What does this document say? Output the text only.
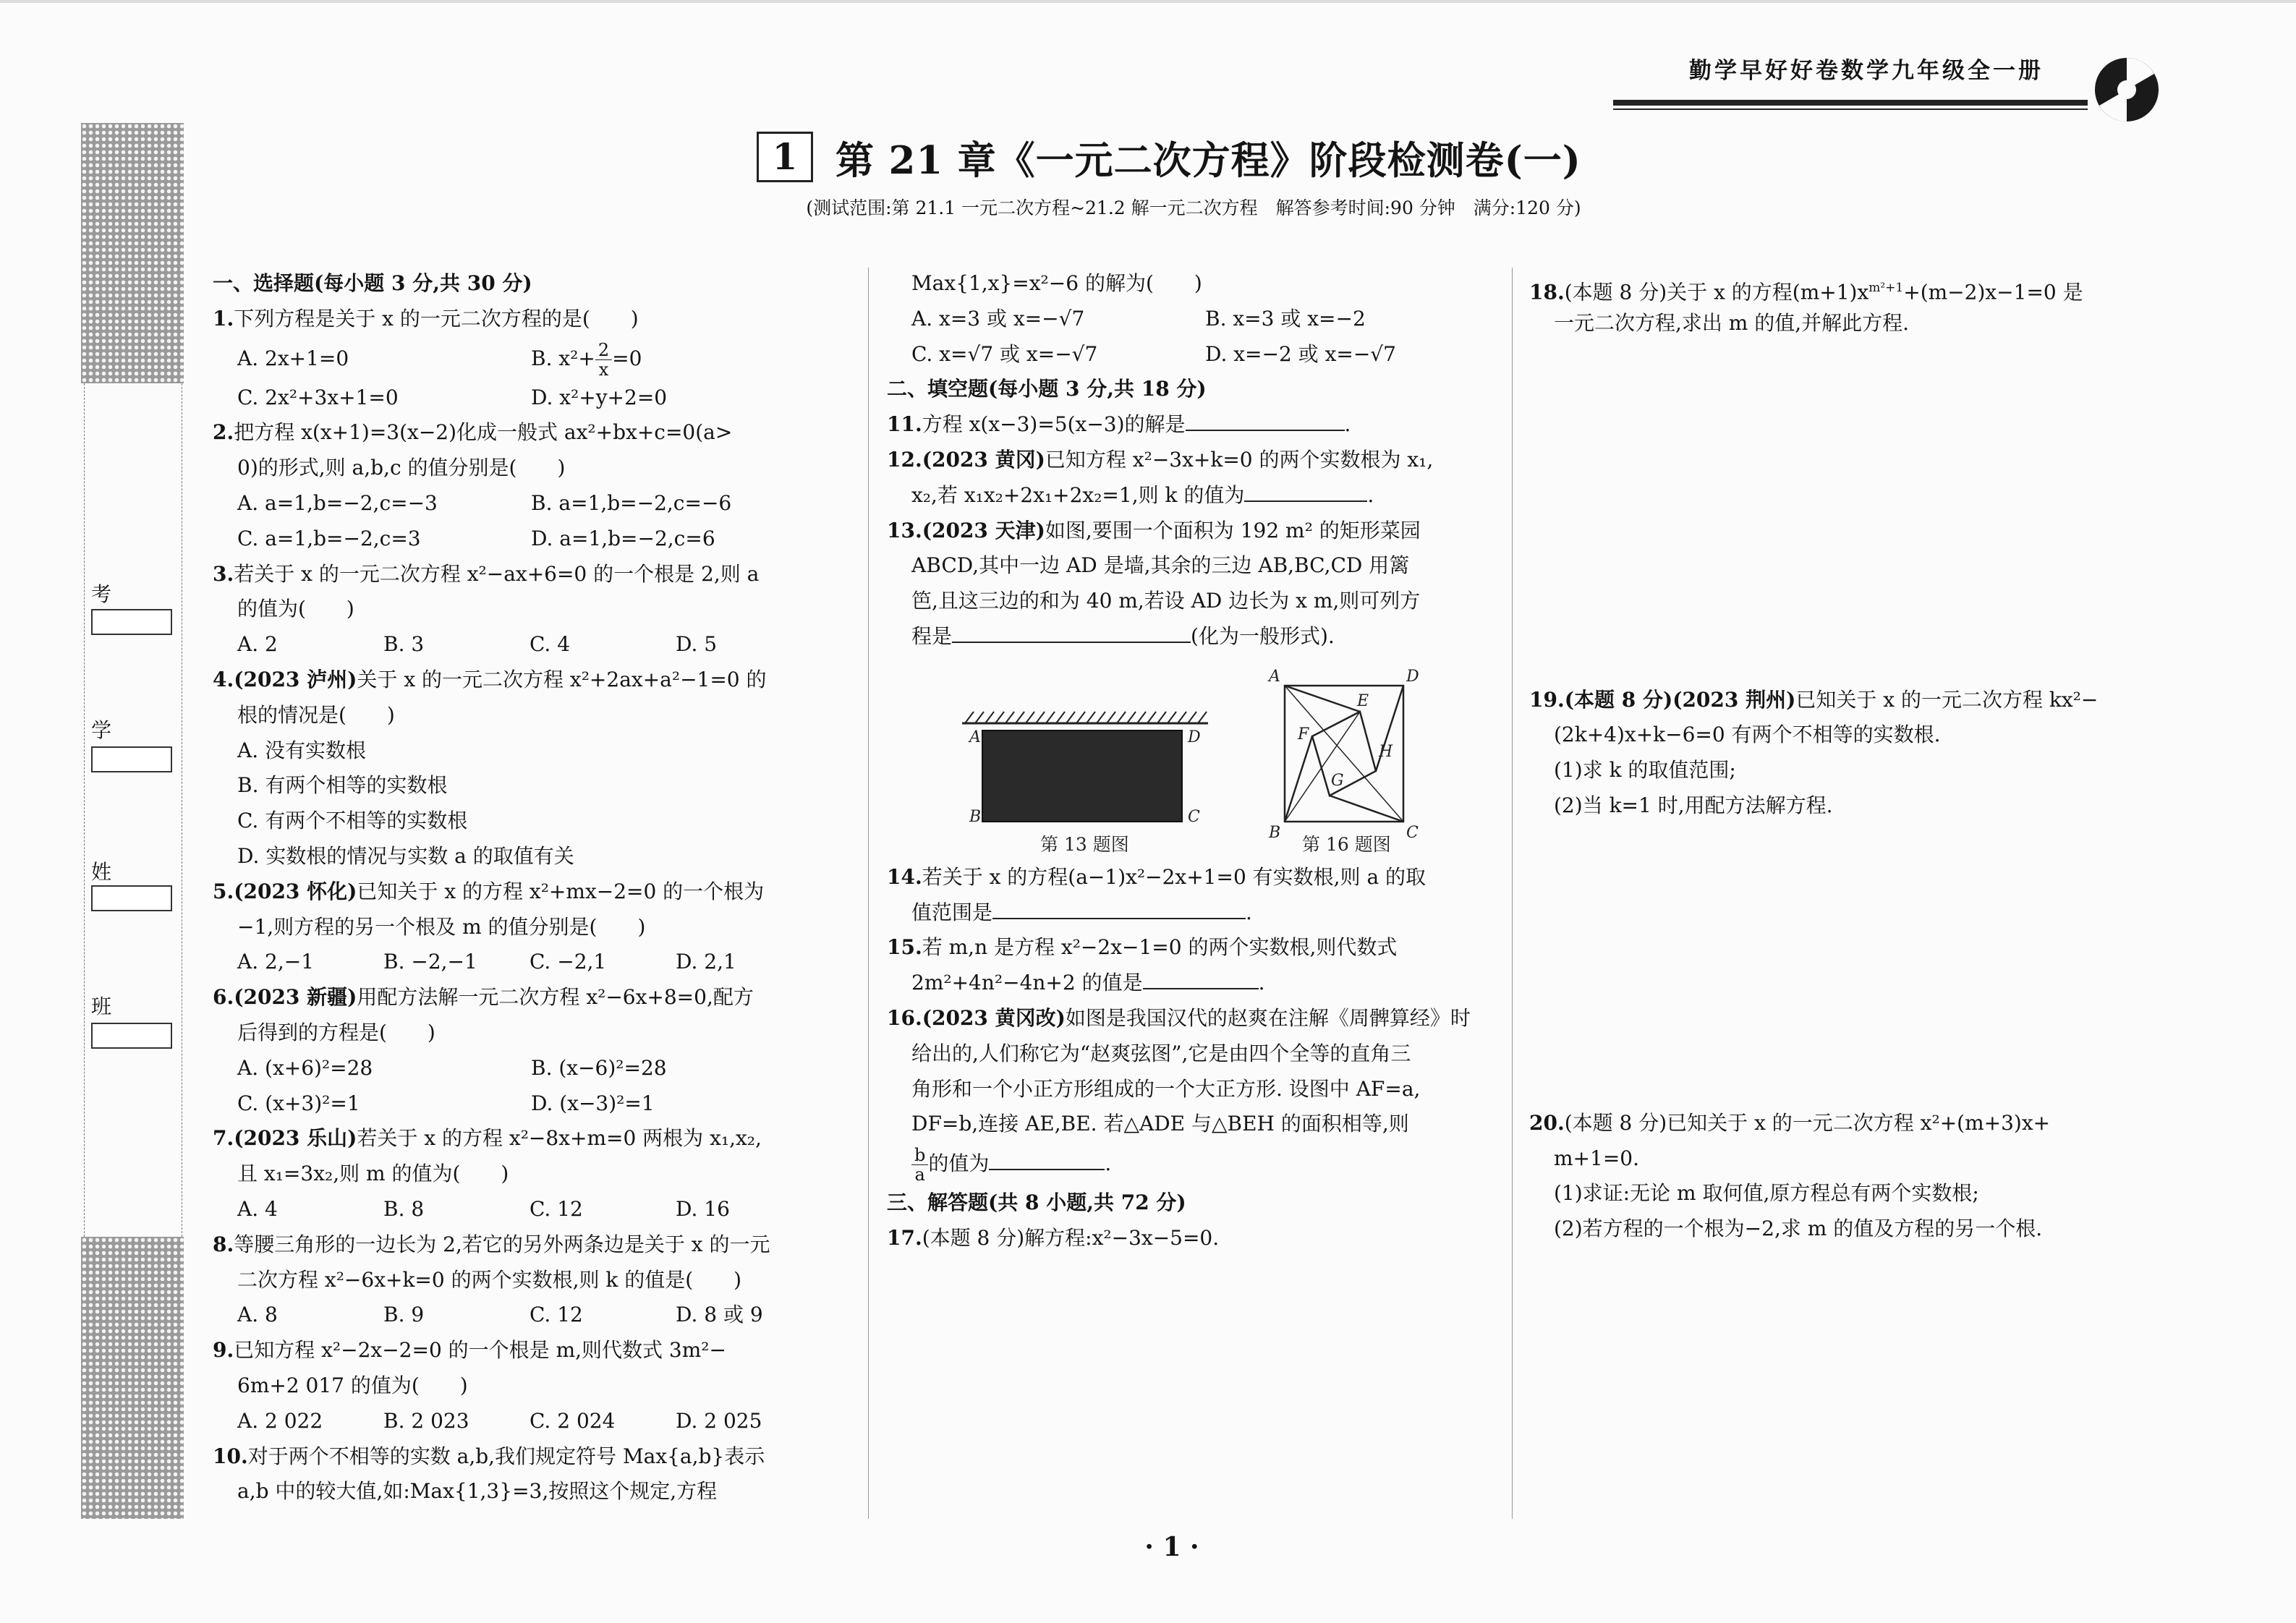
勤学早好好卷数学九年级全一册
考
学
姓
班
1 第 21 章《一元二次方程》阶段检测卷(一)
(测试范围:第 21.1 一元二次方程~21.2 解一元二次方程　解答参考时间:90 分钟　满分:120 分)
一、选择题(每小题 3 分,共 30 分)
1.下列方程是关于 x 的一元二次方程的是(　　)
A. 2x+1=0	B. $x^2+ \frac{2}{x} =0$
C. 2x²+3x+1=0	D. x²+y+2=0
2.把方程 x(x+1)=3(x−2)化成一般式 ax²+bx+c=0(a>
0)的形式,则 a,b,c 的值分别是(　　)
A. a=1,b=−2,c=−3	B. a=1,b=−2,c=−6
C. a=1,b=−2,c=3	D. a=1,b=−2,c=6
3.若关于 x 的一元二次方程 x²−ax+6=0 的一个根是 2,则 a
的值为(　　)
A. 2	B. 3	C. 4	D. 5
4.(2023 泸州)关于 x 的一元二次方程 x²+2ax+a²−1=0 的
根的情况是(　　)
A. 没有实数根
B. 有两个相等的实数根
C. 有两个不相等的实数根
D. 实数根的情况与实数 a 的取值有关
5.(2023 怀化)已知关于 x 的方程 x²+mx−2=0 的一个根为
−1,则方程的另一个根及 m 的值分别是(　　)
A. 2,−1	B. −2,−1	C. −2,1	D. 2,1
6.(2023 新疆)用配方法解一元二次方程 x²−6x+8=0,配方
后得到的方程是(　　)
A. (x+6)²=28	B. (x−6)²=28
C. (x+3)²=1	D. (x−3)²=1
7.(2023 乐山)若关于 x 的方程 x²−8x+m=0 两根为 x₁,x₂,
且 x₁=3x₂,则 m 的值为(　　)
A. 4	B. 8	C. 12	D. 16
8.等腰三角形的一边长为 2,若它的另外两条边是关于 x 的一元
二次方程 x²−6x+k=0 的两个实数根,则 k 的值是(　　)
A. 8	B. 9	C. 12	D. 8 或 9
9.已知方程 x²−2x−2=0 的一个根是 m,则代数式 3m²−
6m+2 017 的值为(　　)
A. 2 022	B. 2 023	C. 2 024	D. 2 025
10.对于两个不相等的实数 a,b,我们规定符号 Max{a,b}表示
a,b 中的较大值,如:Max{1,3}=3,按照这个规定,方程
Max{1,x}=x²−6 的解为(　　)
A. x=3 或 x=−√7	B. x=3 或 x=−2
C. x=√7 或 x=−√7	D. x=−2 或 x=−√7
二、填空题(每小题 3 分,共 18 分)
11.方程 x(x−3)=5(x−3)的解是	.
12.(2023 黄冈)已知方程 x²−3x+k=0 的两个实数根为 x₁,
x₂,若 x₁x₂+2x₁+2x₂=1,则 k 的值为	.
13.(2023 天津)如图,要围一个面积为 192 m² 的矩形菜园
ABCD,其中一边 AD 是墙,其余的三边 AB,BC,CD 用篱
笆,且这三边的和为 40 m,若设 AD 边长为 x m,则可列方
程是	(化为一般形式).
14.若关于 x 的方程(a−1)x²−2x+1=0 有实数根,则 a 的取
值范围是	.
15.若 m,n 是方程 x²−2x−1=0 的两个实数根,则代数式
2m²+4n²−4n+2 的值是	.
16.(2023 黄冈改)如图是我国汉代的赵爽在注解《周髀算经》时
给出的,人们称它为“赵爽弦图”,它是由四个全等的直角三
角形和一个小正方形组成的一个大正方形. 设图中 AF=a,
DF=b,连接 AE,BE. 若△ADE 与△BEH 的面积相等,则
$\frac{b}{a}$ 的值为	.
三、解答题(共 8 小题,共 72 分)
17.(本题 8 分)解方程:x²−3x−5=0.
A	D
B	C
第 13 题图
A	D
B	C
E
F
H
G
第 16 题图
18.(本题 8 分)关于 x 的方程$(m+1)x^{m^2+1}+(m-2)x-1=0$ 是
一元二次方程,求出 m 的值,并解此方程.
19.(本题 8 分)(2023 荆州)已知关于 x 的一元二次方程 kx²−
(2k+4)x+k−6=0 有两个不相等的实数根.
(1)求 k 的取值范围;
(2)当 k=1 时,用配方法解方程.
20.(本题 8 分)已知关于 x 的一元二次方程 x²+(m+3)x+
m+1=0.
(1)求证:无论 m 取何值,原方程总有两个实数根;
(2)若方程的一个根为−2,求 m 的值及方程的另一个根.
· 1 ·
